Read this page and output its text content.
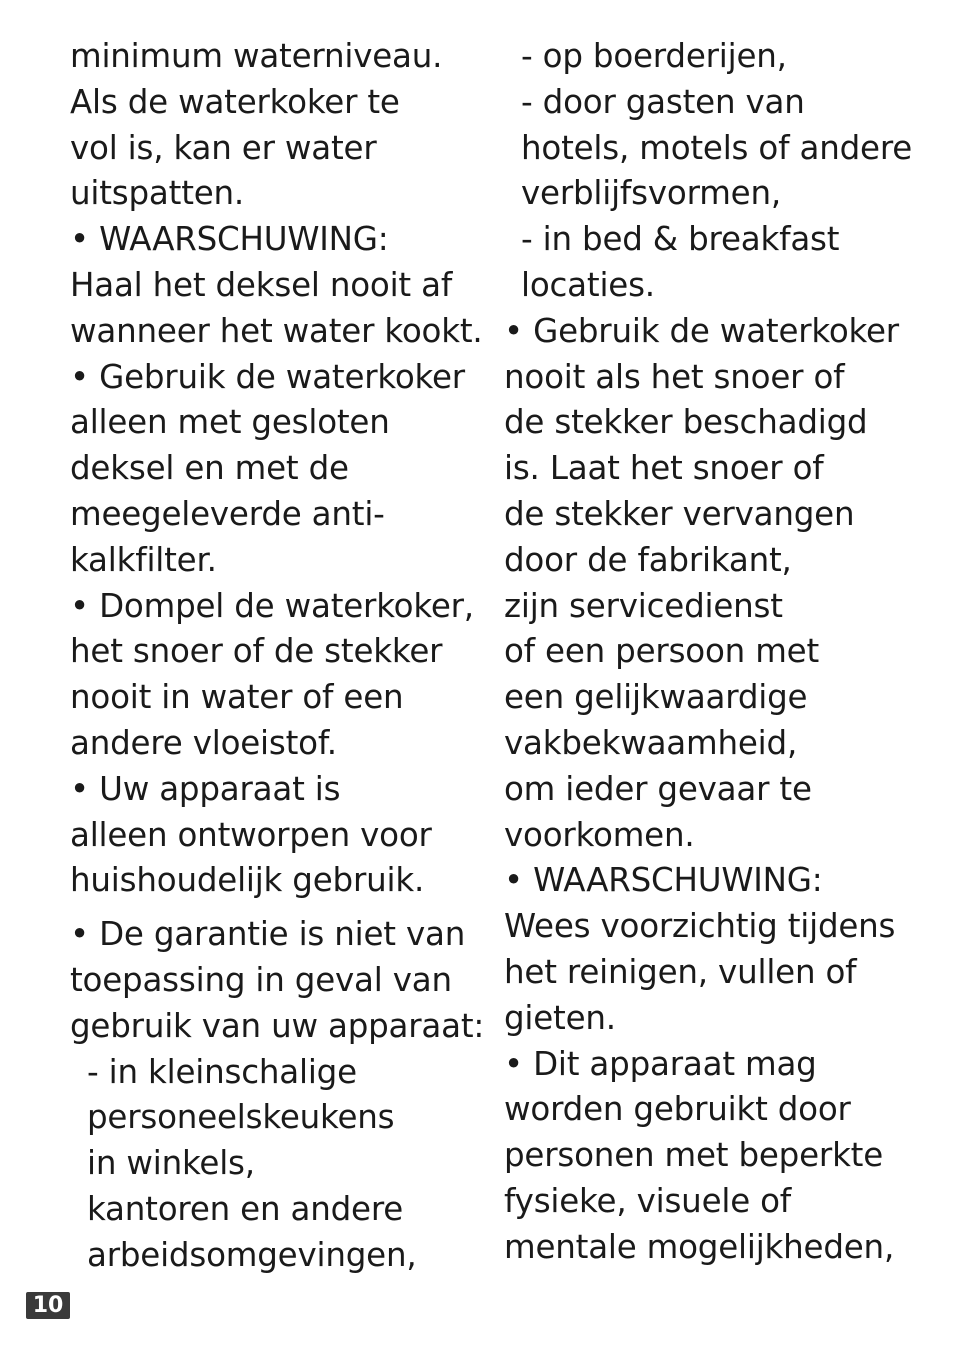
minimum waterniveau.
Als de waterkoker te
vol is, kan er water
uitspatten.
• WAARSCHUWING:
Haal het deksel nooit af
wanneer het water kookt.
• Gebruik de waterkoker
alleen met gesloten
deksel en met de
meegeleverde anti-
kalkfilter.
• Dompel de waterkoker,
het snoer of de stekker
nooit in water of een
andere vloeistof.
• Uw apparaat is
alleen ontworpen voor
huishoudelijk gebruik.
• De garantie is niet van
toepassing in geval van
gebruik van uw apparaat:
- in kleinschalige
personeelskeukens
in winkels,
kantoren en andere
arbeidsomgevingen,
- op boerderijen,
- door gasten van
hotels, motels of andere
verblijfsvormen,
- in bed & breakfast
locaties.
• Gebruik de waterkoker
nooit als het snoer of
de stekker beschadigd
is. Laat het snoer of
de stekker vervangen
door de fabrikant,
zijn servicedienst
of een persoon met
een gelijkwaardige
vakbekwaamheid,
om ieder gevaar te
voorkomen.
• WAARSCHUWING:
Wees voorzichtig tijdens
het reinigen, vullen of
gieten.
• Dit apparaat mag
worden gebruikt door
personen met beperkte
fysieke, visuele of
mentale mogelijkheden,
10
